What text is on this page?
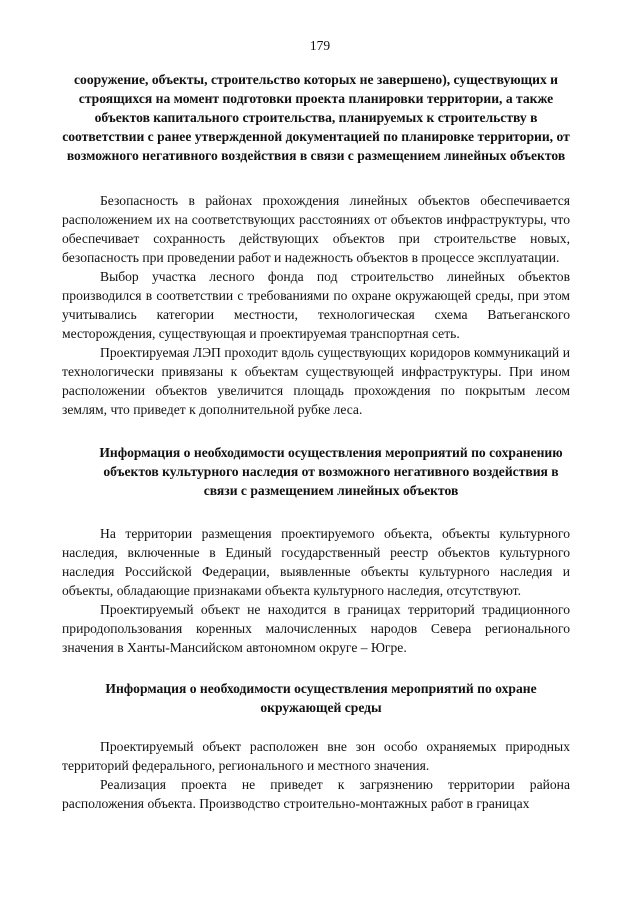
179

сооружение, объекты, строительство которых не завершено), существующих и строящихся на момент подготовки проекта планировки территории, а также объектов капитального строительства, планируемых к строительству в соответствии с ранее утвержденной документацией по планировке территории, от возможного негативного воздействия в связи с размещением линейных объектов

Безопасность в районах прохождения линейных объектов обеспечивается расположением их на соответствующих расстояниях от объектов инфраструктуры, что обеспечивает сохранность действующих объектов при строительстве новых, безопасность при проведении работ и надежность объектов в процессе эксплуатации.

Выбор участка лесного фонда под строительство линейных объектов производился в соответствии с требованиями по охране окружающей среды, при этом учитывались категории местности, технологическая схема Ватьеганского месторождения, существующая и проектируемая транспортная сеть.

Проектируемая ЛЭП проходит вдоль существующих коридоров коммуникаций и технологически привязаны к объектам существующей инфраструктуры. При ином расположении объектов увеличится площадь прохождения по покрытым лесом землям, что приведет к дополнительной рубке леса.

Информация о необходимости осуществления мероприятий по сохранению объектов культурного наследия от возможного негативного воздействия в связи с размещением линейных объектов

На территории размещения проектируемого объекта, объекты культурного наследия, включенные в Единый государственный реестр объектов культурного наследия Российской Федерации, выявленные объекты культурного наследия и объекты, обладающие признаками объекта культурного наследия, отсутствуют.

Проектируемый объект не находится в границах территорий традиционного природопользования коренных малочисленных народов Севера регионального значения в Ханты-Мансийском автономном округе – Югре.

Информация о необходимости осуществления мероприятий по охране окружающей среды

Проектируемый объект расположен вне зон особо охраняемых природных территорий федерального, регионального и местного значения.

Реализация проекта не приведет к загрязнению территории района расположения объекта. Производство строительно-монтажных работ в границах
